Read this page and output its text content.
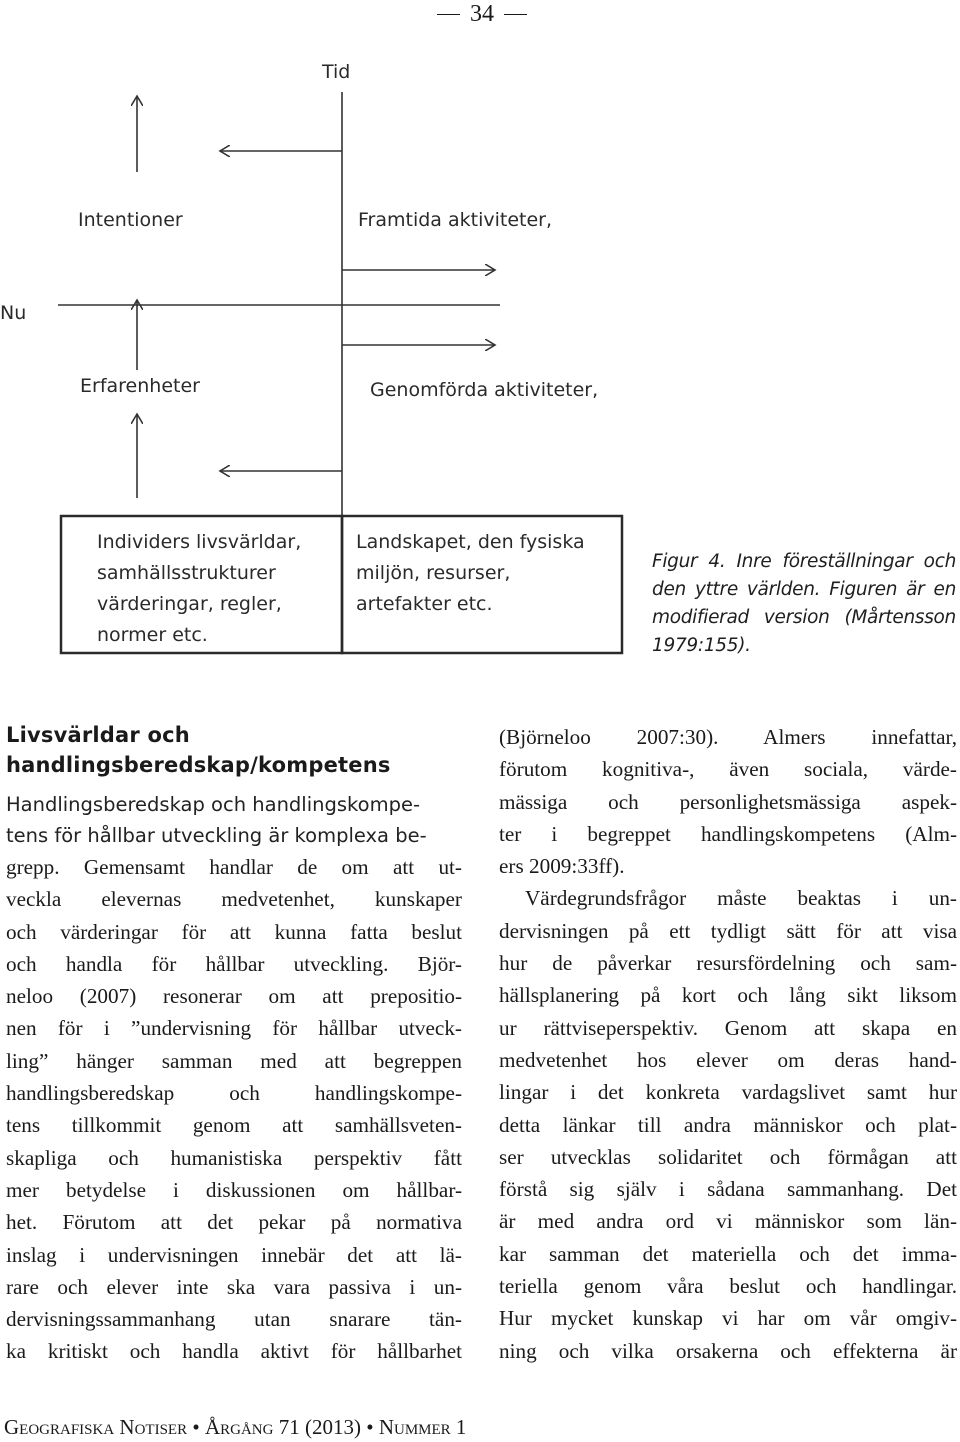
34
Tid
Nu
Intentioner	Framtida aktiviteter,
Erfarenheter	Genomförda aktiviteter,
Individers livsvärldar,
samhällsstrukturer
värderingar, regler,
normer etc.
Landskapet, den fysiska
miljön, resurser,
artefakter etc.
Figur 4. Inre föreställningar och
den yttre världen. Figuren är en
modifierad version (Mårtensson
1979:155).
Livsvärldar och
handlingsberedskap/kompetens
Handlingsberedskap och handlingskompe-
tens för hållbar utveckling är komplexa be-
grepp. Gemensamt handlar de om att ut-
veckla elevernas medvetenhet, kunskaper
och värderingar för att kunna fatta beslut
och handla för hållbar utveckling. Björ-
neloo (2007) resonerar om att prepositio-
nen för i ”undervisning för hållbar utveck-
ling” hänger samman med att begreppen
handlingsberedskap och handlingskompe-
tens tillkommit genom att samhällsveten-
skapliga och humanistiska perspektiv fått
mer betydelse i diskussionen om hållbar-
het. Förutom att det pekar på normativa
inslag i undervisningen innebär det att lä-
rare och elever inte ska vara passiva i un-
dervisningssammanhang utan snarare tän-
ka kritiskt och handla aktivt för hållbarhet
(Björneloo 2007:30). Almers innefattar,
förutom kognitiva-, även sociala, värde-
mässiga och personlighetsmässiga aspek-
ter i begreppet handlingskompetens (Alm-
ers 2009:33ff).
Värdegrundsfrågor måste beaktas i un-
dervisningen på ett tydligt sätt för att visa
hur de påverkar resursfördelning och sam-
hällsplanering på kort och lång sikt liksom
ur rättviseperspektiv. Genom att skapa en
medvetenhet hos elever om deras hand-
lingar i det konkreta vardagslivet samt hur
detta länkar till andra människor och plat-
ser utvecklas solidaritet och förmågan att
förstå sig själv i sådana sammanhang. Det
är med andra ord vi människor som län-
kar samman det materiella och det imma-
teriella genom våra beslut och handlingar.
Hur mycket kunskap vi har om vår omgiv-
ning och vilka orsakerna och effekterna är
Geografiska Notiser • Årgång 71 (2013) • Nummer 1
